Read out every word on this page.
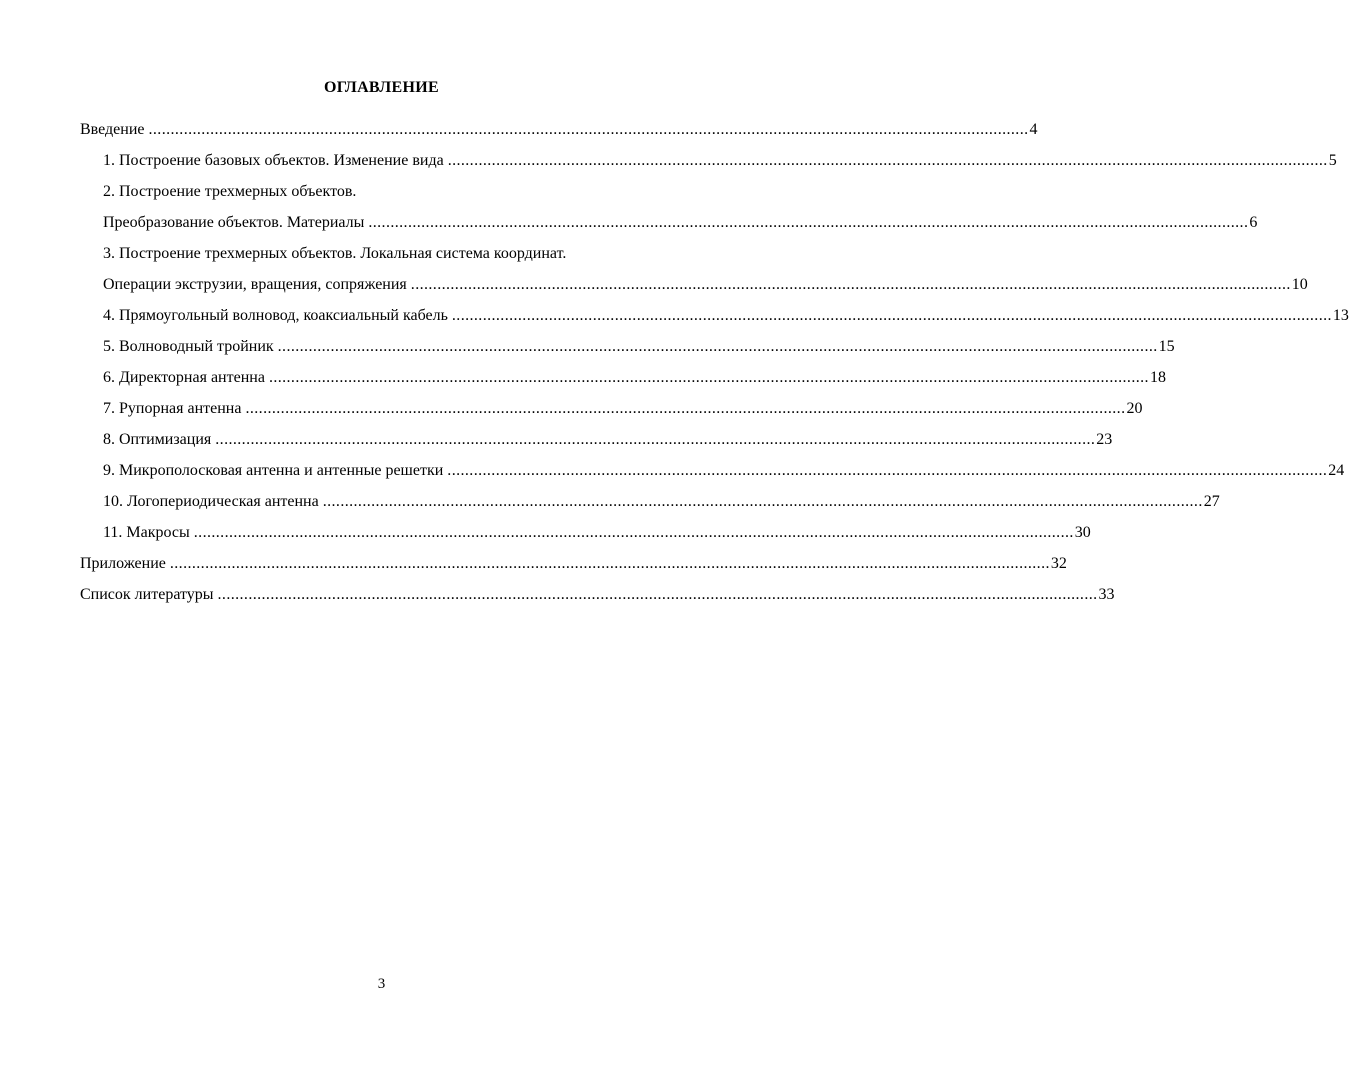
ОГЛАВЛЕНИЕ
Введение ........................................................................................................................................................................................................ 4
1. Построение базовых объектов. Изменение вида ........................................................................................................................................................................................................ 5
2. Построение трехмерных объектов.
Преобразование объектов. Материалы ........................................................................................................................................................................................................ 6
3. Построение трехмерных объектов. Локальная система координат.
Операции экструзии, вращения, сопряжения ........................................................................................................................................................................................................ 10
4. Прямоугольный волновод, коаксиальный кабель ........................................................................................................................................................................................................ 13
5. Волноводный тройник ........................................................................................................................................................................................................ 15
6. Директорная антенна ........................................................................................................................................................................................................ 18
7. Рупорная антенна ........................................................................................................................................................................................................ 20
8. Оптимизация ........................................................................................................................................................................................................ 23
9. Микрополосковая антенна и антенные решетки ........................................................................................................................................................................................................ 24
10. Логопериодическая антенна ........................................................................................................................................................................................................ 27
11. Макросы ........................................................................................................................................................................................................ 30
Приложение ........................................................................................................................................................................................................ 32
Список литературы ........................................................................................................................................................................................................ 33
3
